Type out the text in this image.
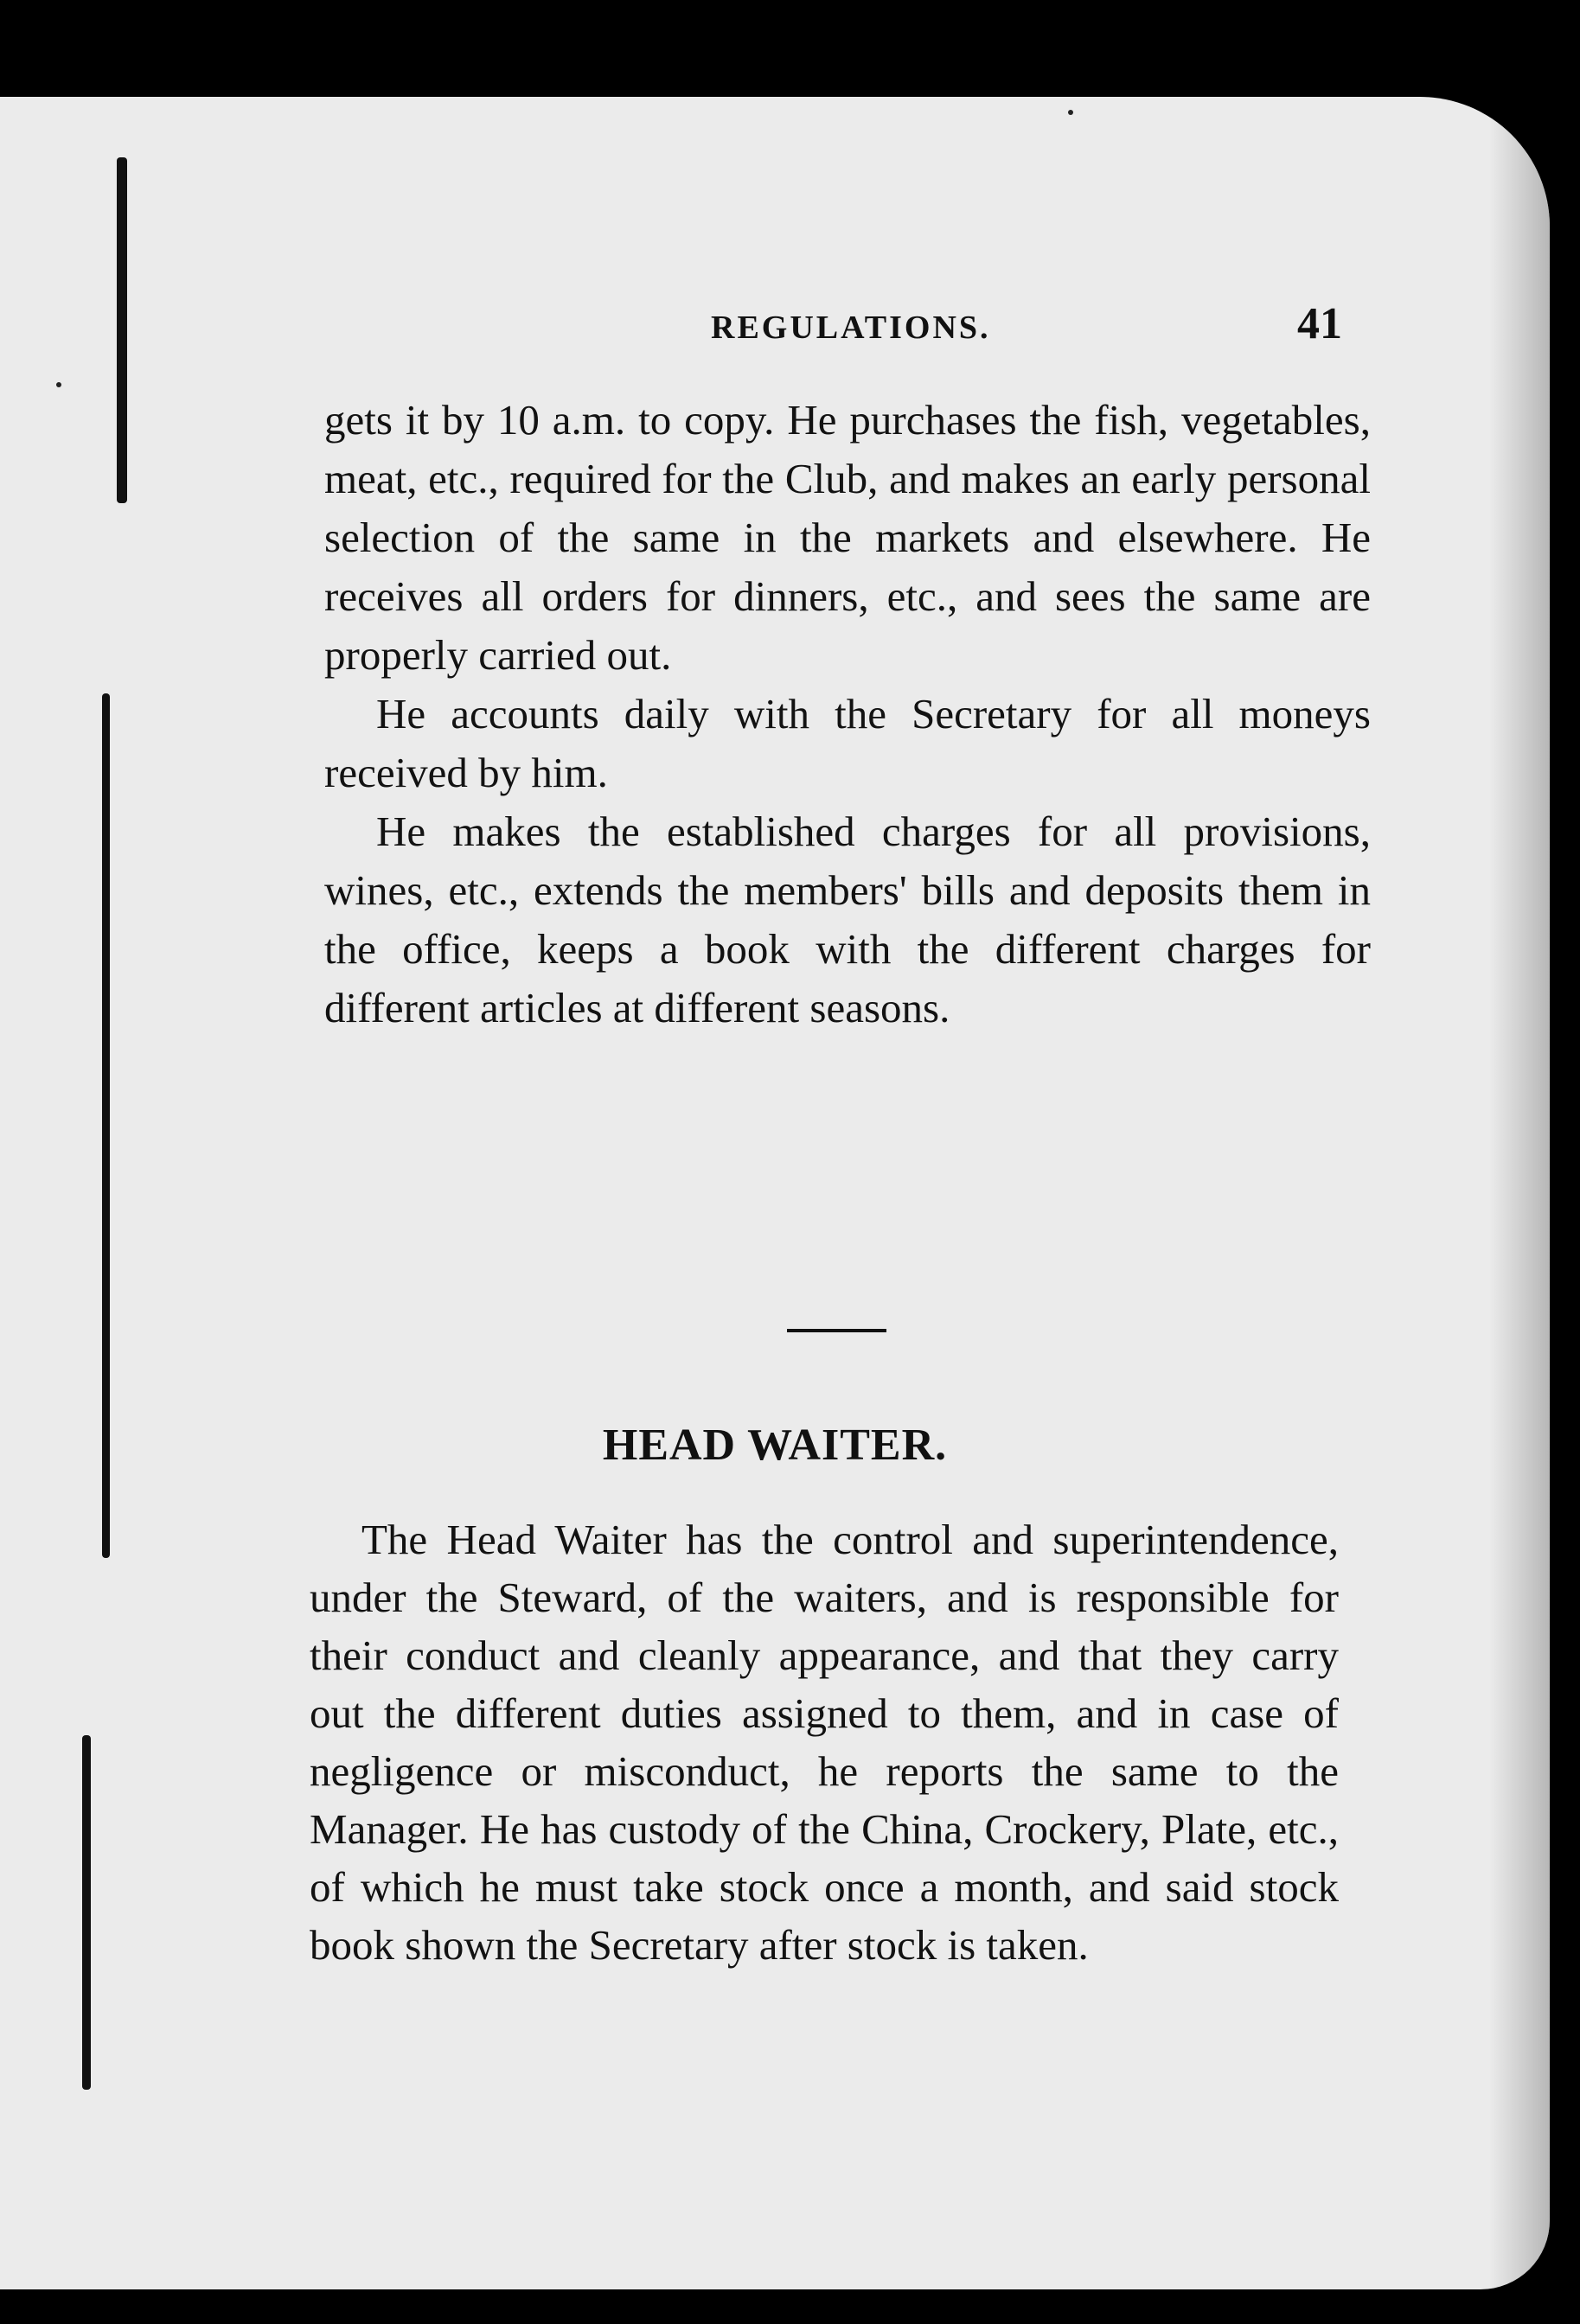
REGULATIONS.	41

gets it by 10 a.m. to copy. He purchases the fish, vegetables, meat, etc., required for the Club, and makes an early personal selection of the same in the markets and elsewhere. He receives all orders for dinners, etc., and sees the same are properly carried out.

He accounts daily with the Secretary for all moneys received by him.

He makes the established charges for all provisions, wines, etc., extends the members' bills and deposits them in the office, keeps a book with the different charges for different articles at different seasons.

HEAD WAITER.

The Head Waiter has the control and superintendence, under the Steward, of the waiters, and is responsible for their conduct and cleanly appearance, and that they carry out the different duties assigned to them, and in case of negligence or misconduct, he reports the same to the Manager. He has custody of the China, Crockery, Plate, etc., of which he must take stock once a month, and said stock book shown the Secretary after stock is taken.
